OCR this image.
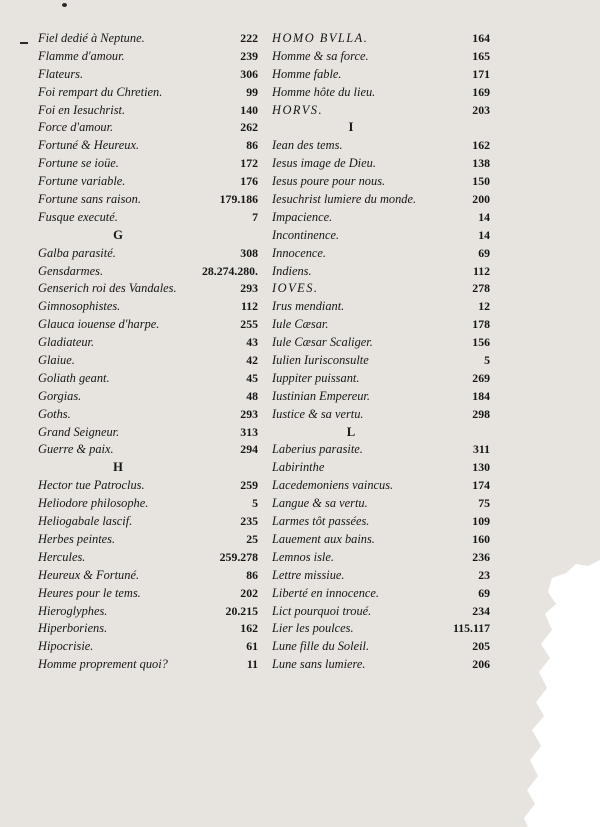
Fiel dedié à Neptune.	222
Flamme d'amour.	239
Flateurs.	306
Foi rempart du Chretien.	99
Foi en Iesuchrist.	140
Force d'amour.	262
Fortuné & Heureux.	86
Fortune se ioüe.	172
Fortune variable.	176
Fortune sans raison.	179.186
Fusque executé.	7
G
Galba parasité.	308
Gensdarmes.	28.274.280.
Genserich roi des Vandales.	293
Gimnosophistes.	112
Glauca iouense d'harpe.	255
Gladiateur.	43
Glaiue.	42
Goliath geant.	45
Gorgias.	48
Goths.	293
Grand Seigneur.	313
Guerre & paix.	294
H
Hector tue Patroclus.	259
Heliodore philosophe.	5
Heliogabale lascif.	235
Herbes peintes.	25
Hercules.	259.278
Heureux & Fortuné.	86
Heures pour le tems.	202
Hieroglyphes.	20.215
Hiperboriens.	162
Hipocrisie.	61
Homme proprement quoi?	11
HOMO BVLLA.	164
Homme & sa force.	165
Homme fable.	171
Homme hôte du lieu.	169
HORVS.	203
I
Iean des tems.	162
Iesus image de Dieu.	138
Iesus poure pour nous.	150
Iesuchrist lumiere du monde.	200
Impacience.	14
Incontinence.	14
Innocence.	69
Indiens.	112
IOVES.	278
Irus mendiant.	12
Iule Cæsar.	178
Iule Cæsar Scaliger.	156
Iulien Iurisconsulte	5
Iuppiter puissant.	269
Iustinian Empereur.	184
Iustice & sa vertu.	298
L
Laberius parasite.	311
Labirinthe	130
Lacedemoniens vaincus.	174
Langue & sa vertu.	75
Larmes tôt passées.	109
Lauement aux bains.	160
Lemnos isle.	236
Lettre missiue.	23
Liberté en innocence.	69
Lict pourquoi troué.	234
Lier les poulces.	115.117
Lune fille du Soleil.	205
Lune sans lumiere.	206
